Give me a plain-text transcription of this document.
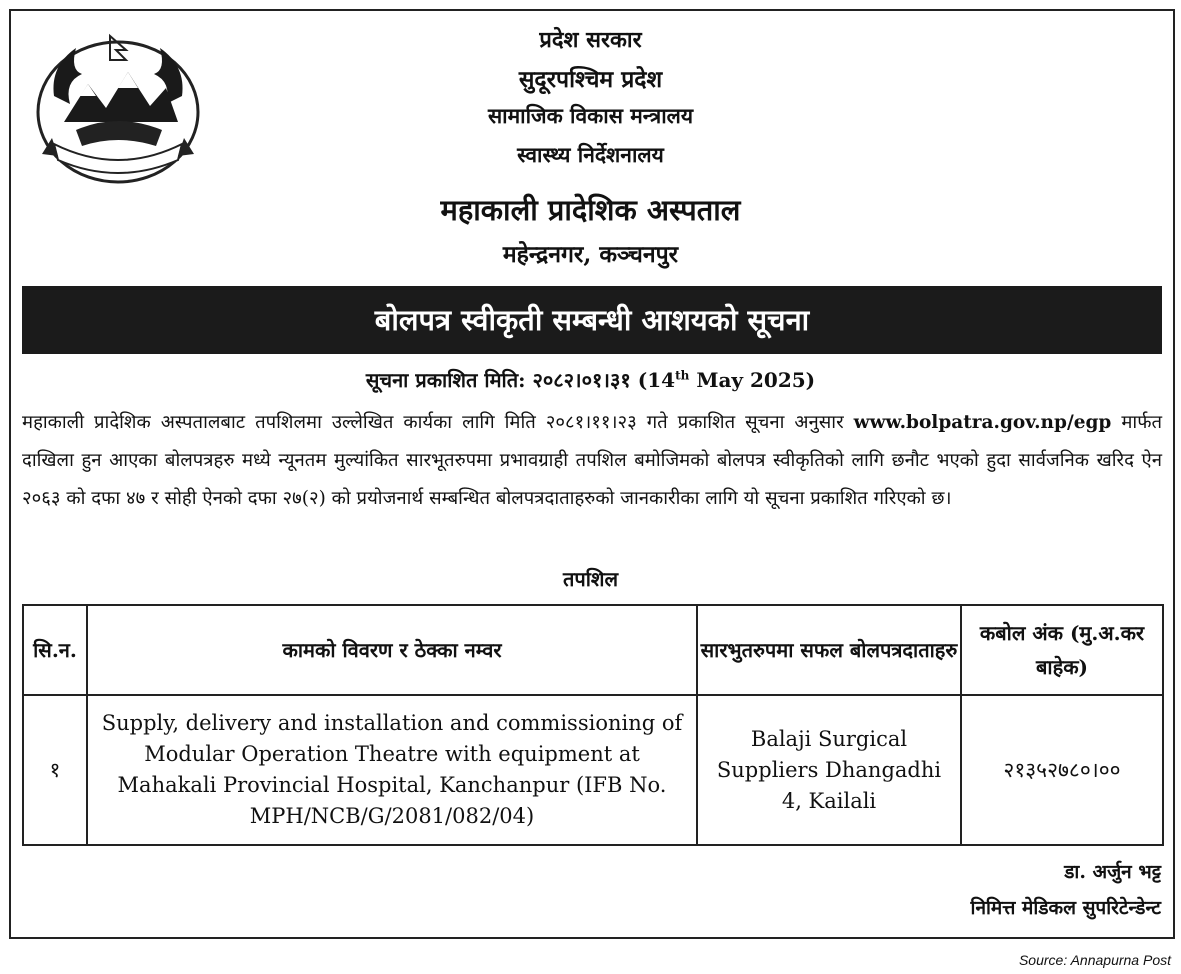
प्रदेश सरकार
सुदूरपश्चिम प्रदेश
सामाजिक विकास मन्त्रालय
स्वास्थ्य निर्देशनालय
महाकाली प्रादेशिक अस्पताल
महेन्द्रनगर, कञ्चनपुर
बोलपत्र स्वीकृती सम्बन्धी आशयको सूचना
सूचना प्रकाशित मिति: २०८२।०१।३१ (14th May 2025)
महाकाली प्रादेशिक अस्पतालबाट तपशिलमा उल्लेखित कार्यका लागि मिति २०८१।११।२३ गते प्रकाशित सूचना अनुसार www.bolpatra.gov.np/egp मार्फत दाखिला हुन आएका बोलपत्रहरु मध्ये न्यूनतम मुल्यांकित सारभूतरुपमा प्रभावग्राही तपशिल बमोजिमको बोलपत्र स्वीकृतिको लागि छनौट भएको हुदा सार्वजनिक खरिद ऐन २०६३ को दफा ४७ र सोही ऐनको दफा २७(२) को प्रयोजनार्थ सम्बन्धित बोलपत्रदाताहरुको जानकारीका लागि यो सूचना प्रकाशित गरिएको छ।
तपशिल
सि.न.	कामको विवरण र ठेक्का नम्वर	सारभुतरुपमा सफल बोलपत्रदाताहरु	कबोल अंक (मु.अ.कर बाहेक)
१	Supply, delivery and installation and commissioning of Modular Operation Theatre with equipment at Mahakali Provincial Hospital, Kanchanpur (IFB No. MPH/NCB/G/2081/082/04)	Balaji Surgical Suppliers Dhangadhi 4, Kailali	२१३५२७८०।००
डा. अर्जुन भट्ट
निमित्त मेडिकल सुपरिटेन्डेन्ट
Source: Annapurna Post
